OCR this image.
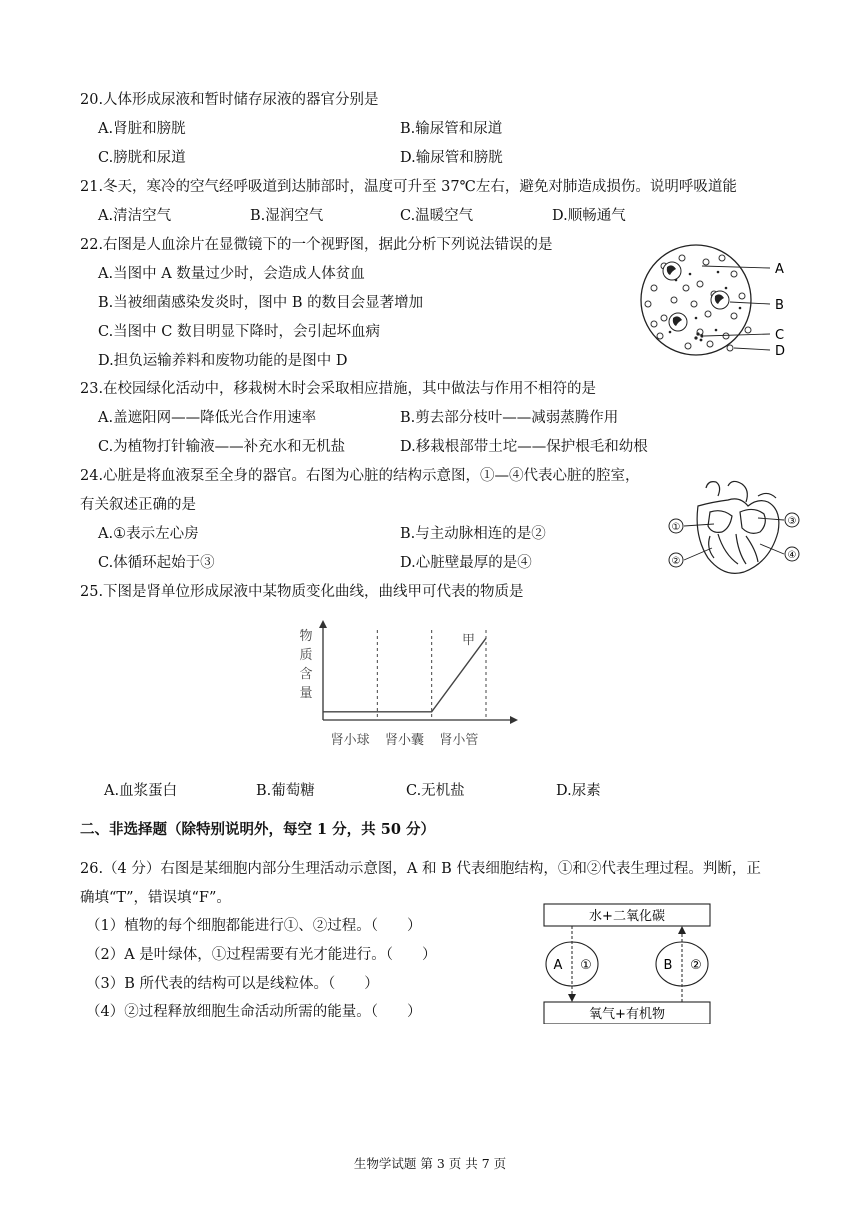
20.人体形成尿液和暂时储存尿液的器官分别是
A.肾脏和膀胱	B.输尿管和尿道
C.膀胱和尿道	D.输尿管和膀胱
21.冬天，寒冷的空气经呼吸道到达肺部时，温度可升至 37℃左右，避免对肺造成损伤。说明呼吸道能
A.清洁空气	B.湿润空气	C.温暖空气	D.顺畅通气
22.右图是人血涂片在显微镜下的一个视野图，据此分析下列说法错误的是
A.当图中 A 数量过少时，会造成人体贫血
B.当被细菌感染发炎时，图中 B 的数目会显著增加
C.当图中 C 数目明显下降时，会引起坏血病
D.担负运输养料和废物功能的是图中 D
A
B
C
D
23.在校园绿化活动中，移栽树木时会采取相应措施，其中做法与作用不相符的是
A.盖遮阳网——降低光合作用速率	B.剪去部分枝叶——减弱蒸腾作用
C.为植物打针输液——补充水和无机盐	D.移栽根部带土坨——保护根毛和幼根
24.心脏是将血液泵至全身的器官。右图为心脏的结构示意图，①—④代表心脏的腔室，
有关叙述正确的是
A.①表示左心房	B.与主动脉相连的是②
C.体循环起始于③	D.心脏壁最厚的是④
①
②
③
④
25.下图是肾单位形成尿液中某物质变化曲线，曲线甲可代表的物质是
物
质
含
量
肾小球 肾小囊 肾小管
甲
A.血浆蛋白	B.葡萄糖	C.无机盐	D.尿素
二、非选择题（除特别说明外，每空 1 分，共 50 分）
26.（4 分）右图是某细胞内部分生理活动示意图，A 和 B 代表细胞结构，①和②代表生理过程。判断，正
确填“T”，错误填“F”。
（1）植物的每个细胞都能进行①、②过程。（　　）
（2）A 是叶绿体，①过程需要有光才能进行。（　　）
（3）B 所代表的结构可以是线粒体。（　　）
（4）②过程释放细胞生命活动所需的能量。（　　）
水+二氧化碳
氧气+有机物
A ①	B ②
生物学试题 第 3 页 共 7 页
